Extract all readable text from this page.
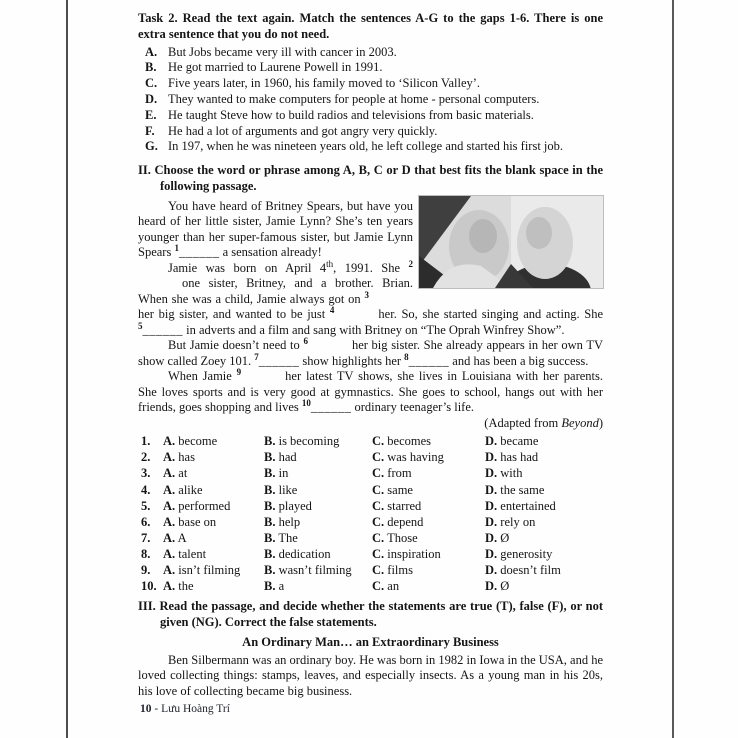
Task 2. Read the text again. Match the sentences A-G to the gaps 1-6. There is one extra sentence that you do not need.

A. But Jobs became very ill with cancer in 2003.
B. He got married to Laurene Powell in 1991.
C. Five years later, in 1960, his family moved to ‘Silicon Valley’.
D. They wanted to make computers for people at home - personal computers.
E. He taught Steve how to build radios and televisions from basic materials.
F. He had a lot of arguments and got angry very quickly.
G. In 197, when he was nineteen years old, he left college and started his first job.

II. Choose the word or phrase among A, B, C or D that best fits the blank space in the following passage.

You have heard of Britney Spears, but have you heard of her little sister, Jamie Lynn? She’s ten years younger than her super-famous sister, but Jamie Lynn Spears $^1$______ a sensation already!

Jamie was born on April 4th, 1991. She $^2$one sister, Britney, and a brother. Brian. When she was a child, Jamie always got on $^3$her big sister, and wanted to be just $^4$	her. So, she started singing and acting. She $^5$______ in adverts and a film and sang with Britney on “The Oprah Winfrey Show”.

But Jamie doesn’t need to $^6$	her big sister. She already appears in her own TV show called Zoey 101. $^7$______ show highlights her $^8$______ and has been a big success.

When Jamie $^9$	her latest TV shows, she lives in Louisiana with her parents. She loves sports and is very good at gymnastics. She goes to school, hangs out with her friends, goes shopping and lives $^{10}$______ ordinary teenager’s life.

(Adapted from Beyond)

1.	A. become	B. is becoming	C. becomes	D. became
2.	A. has	B. had	C. was having	D. has had
3.	A. at	B. in	C. from	D. with
4.	A. alike	B. like	C. same	D. the same
5.	A. performed	B. played	C. starred	D. entertained
6.	A. base on	B. help	C. depend	D. rely on
7.	A. A	B. The	C. Those	D. Ø
8.	A. talent	B. dedication	C. inspiration	D. generosity
9.	A. isn’t filming	B. wasn’t filming	C. films	D. doesn’t film
10. A. the	B. a	C. an	D. Ø

III. Read the passage, and decide whether the statements are true (T), false (F), or not given (NG). Correct the false statements.

An Ordinary Man… an Extraordinary Business

Ben Silbermann was an ordinary boy. He was born in 1982 in Iowa in the USA, and he loved collecting things: stamps, leaves, and especially insects. As a young man in his 20s, his love of collecting became big business.

10 - Lưu Hoàng Trí
